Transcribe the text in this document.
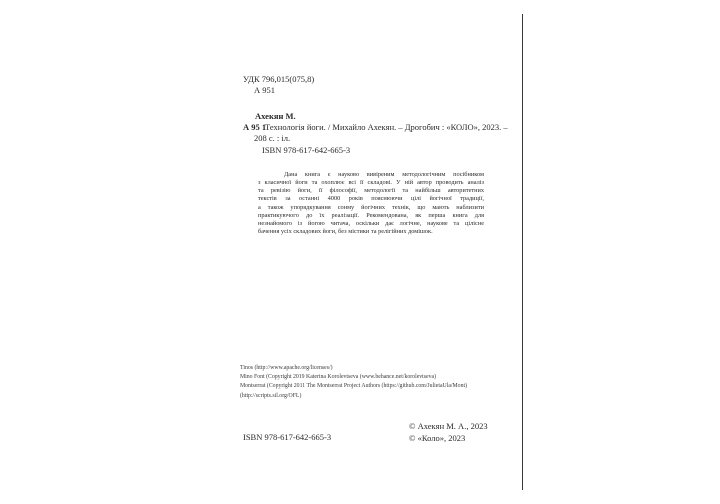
УДК 796,015(075,8)
А 951
Ахекян М.
А 95 1
Технологія йоги. / Михайло Ахекян. – Дрогобич : «КОЛО», 2023. –
208 с. : іл.
ISBN 978-617-642-665-3
Дана книга є науково вивіреним методологічним посібником
з класичної йоги та охоплює всі її складові. У ній автор проводить аналіз
та ревізію йоги, її філософії, методології та найбільш авторитетних
текстів за останні 4000 років пояснюючи цілі йогічної традиції,
а також упорядкування сонму йогічних технік, що мають наблизити
практикуючого до їх реалізації. Рекомендована, як перша книга для
незнайомого із йогою читача, оскільки дає логічне, наукове та цілісне
бачення усіх складових йоги, без містики та релігійних домішок.
Tinos (http://www.apache.org/licenses/)
Mino Font (Copyright 2019 Katerina Korolevtseva (www.behance.net/korolevtseva)
Montserrat (Copyright 2011 The Montserrat Project Authors (https://github.com/JulietaUla/Mont)
(http://scripts.sil.org/OFL)
ISBN 978-617-642-665-3
© Ахекян М. А., 2023
© «Коло», 2023
